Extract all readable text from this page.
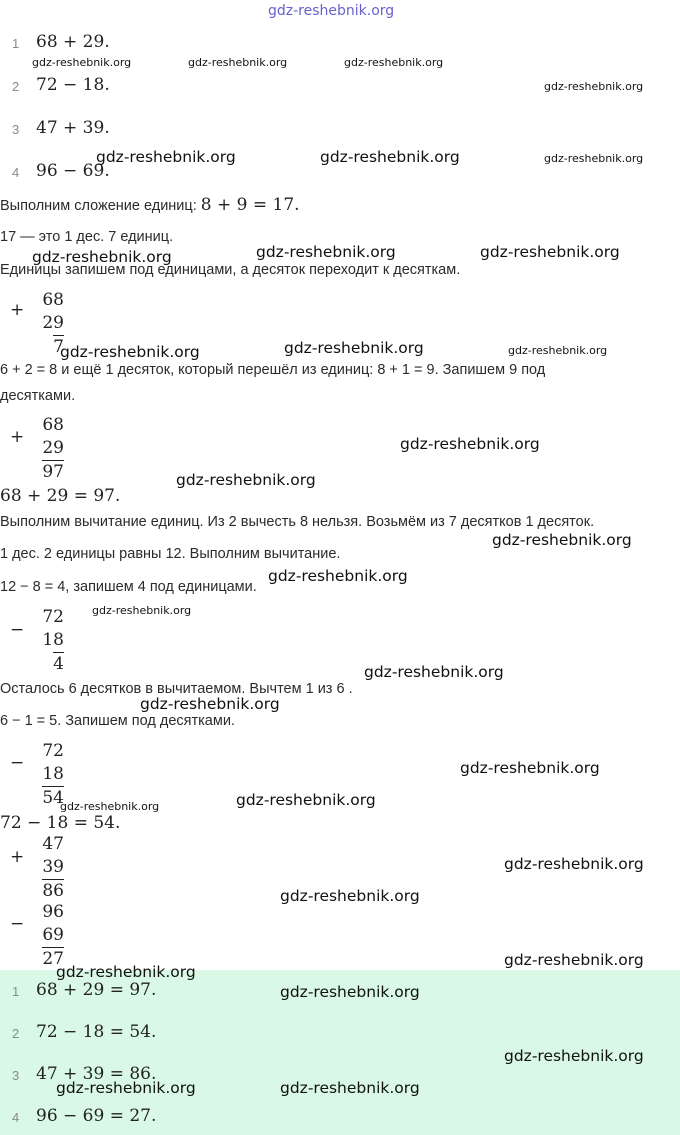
gdz-reshebnik.org
1 68 + 29.
2 72 − 18.
3 47 + 39.
4 96 − 69.
Выполним сложение единиц: 8 + 9 = 17.
17 — это 1 дес. 7 единиц.
Единицы запишем под единицами, а десяток переходит к десяткам.
+ 68
29
7
6 + 2 = 8 и ещё 1 десяток, который перешёл из единиц: 8 + 1 = 9. Запишем 9 под
десятками.
+
68
29
97
68 + 29 = 97.
Выполним вычитание единиц. Из 2 вычесть 8 нельзя. Возьмём из 7 десятков 1 десяток.
1 дес. 2 единицы равны 12. Выполним вычитание.
12 − 8 = 4, запишем 4 под единицами.
−
72
18
4
Осталось 6 десятков в вычитаемом. Вычтем 1 из 6 .
6 − 1 = 5. Запишем под десятками.
−
72
18
54
72 − 18 = 54.
+
47
39
86
−
96
69
27
1 68 + 29 = 97.
2 72 − 18 = 54.
3 47 + 39 = 86.
4 96 − 69 = 27.
gdz-reshebnik.org	gdz-reshebnik.org	gdz-reshebnik.org
gdz-reshebnik.org
gdz-reshebnik.org	gdz-reshebnik.org	gdz-reshebnik.org
gdz-reshebnik.org	gdz-reshebnik.org	gdz-reshebnik.org
gdz-reshebnik.org	gdz-reshebnik.org	gdz-reshebnik.org
gdz-reshebnik.org
gdz-reshebnik.org
gdz-reshebnik.org
gdz-reshebnik.org
gdz-reshebnik.org
gdz-reshebnik.org
gdz-reshebnik.org
gdz-reshebnik.org
gdz-reshebnik.org
gdz-reshebnik.org
gdz-reshebnik.org
gdz-reshebnik.org
gdz-reshebnik.org
gdz-reshebnik.org
gdz-reshebnik.org
gdz-reshebnik.org
gdz-reshebnik.org	gdz-reshebnik.org
